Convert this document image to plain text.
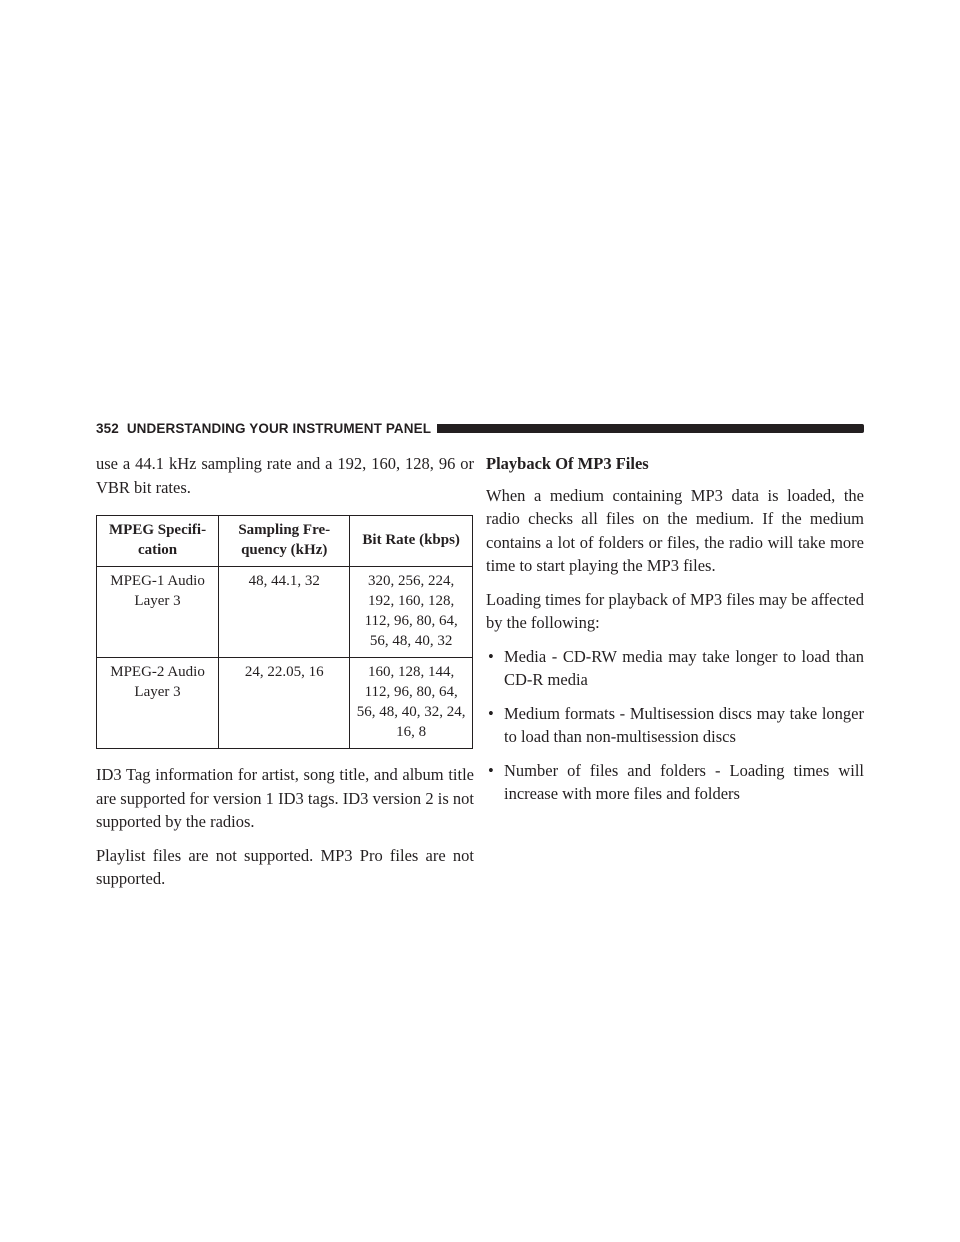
352 UNDERSTANDING YOUR INSTRUMENT PANEL

use a 44.1 kHz sampling rate and a 192, 160, 128, 96 or VBR bit rates.

MPEG Specifi- cation	Sampling Fre- quency (kHz)	Bit Rate (kbps)
MPEG-1 Audio Layer 3	48, 44.1, 32	320, 256, 224, 192, 160, 128, 112, 96, 80, 64, 56, 48, 40, 32
MPEG-2 Audio Layer 3	24, 22.05, 16	160, 128, 144, 112, 96, 80, 64, 56, 48, 40, 32, 24, 16, 8

ID3 Tag information for artist, song title, and album title are supported for version 1 ID3 tags. ID3 version 2 is not supported by the radios.

Playlist files are not supported. MP3 Pro files are not supported.

Playback Of MP3 Files

When a medium containing MP3 data is loaded, the radio checks all files on the medium. If the medium contains a lot of folders or files, the radio will take more time to start playing the MP3 files.

Loading times for playback of MP3 files may be affected by the following:

• Media - CD-RW media may take longer to load than CD-R media
• Medium formats - Multisession discs may take longer to load than non-multisession discs
• Number of files and folders - Loading times will increase with more files and folders
